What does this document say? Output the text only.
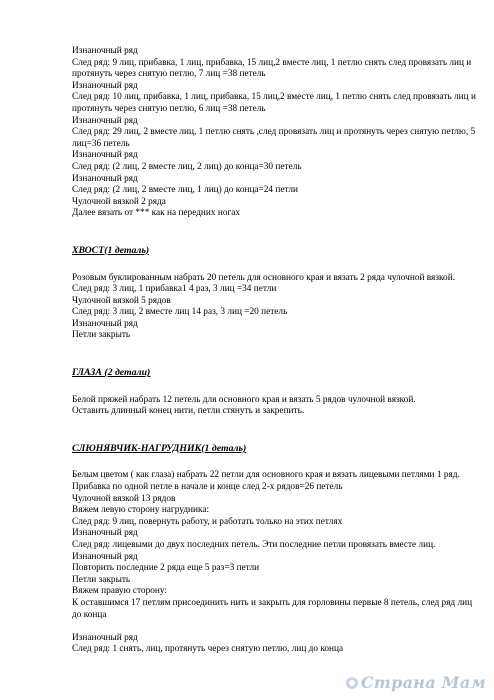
Изнаночный ряд

След ряд: 9 лиц, прибавка, 1 лиц, прибавка, 15 лиц,2 вместе лиц, 1 петлю снять след провязать лиц и протянуть через снятую петлю, 7 лиц =38 петель

Изнаночный ряд

След ряд: 10 лиц, прибавка, 1 лиц, прибавка, 15 лиц,2 вместе лиц, 1 петлю снять след провязать лиц и протянуть через снятую петлю, 6 лиц =38 петель

Изнаночный ряд

След ряд: 29 лиц, 2 вместе лиц, 1 петлю снять ,след провязать лиц и протянуть через снятую петлю, 5 лиц=36 петель

Изнаночный ряд

След ряд: (2 лиц, 2 вместе лиц, 2 лиц) до конца=30 петель

Изнаночный ряд

След ряд: (2 лиц, 2 вместе лиц, 1 лиц) до конца=24 петли

Чулочной вязкой 2 ряда

Далее вязать от *** как на передних ногах

ХВОСТ(1 деталь)

Розовым буклированным набрать 20 петель для основного края и вязать 2 ряда чулочной вязкой.

След ряд: 3 лиц, 1 прибавка1 4 раз, 3 лиц =34 петли

Чулочной вязкой 5 рядов

След ряд: 3 лиц, 2 вместе лиц 14 раз, 3 лиц =20 петель

Изнаночный ряд

Петли закрыть

ГЛАЗА (2 детали)

Белой пряжей набрать 12 петель для основного края и вязать 5 рядов чулочной вязкой.

Оставить длинный конец нити, петли стянуть и закрепить.

СЛЮНЯВЧИК-НАГРУДНИК(1 деталь)

Белым цветом ( как глаза) набрать 22 петли для основного края и вязать лицевыми петлями 1 ряд.

Прибавка по одной петле в начале и конце след 2-х рядов=26 петель

Чулочной вязкой 13 рядов

Вяжем левую сторону нагрудника:

След ряд: 9 лиц, повернуть работу, и работать только на этих петлях

Изнаночный ряд

След ряд: лицевыми до двух последних петель. Эти последние петли провязать вместе лиц.

Изнаночный ряд

Повторить последние 2 ряда еще 5 раз=3 петли

Петли закрыть

Вяжем правую сторону:

К оставшимся 17 петлям присоединить нить и закрыть для горловины первые 8 петель, след ряд лиц до конца

Изнаночный ряд

След ряд: 1 снять, лиц, протянуть через снятую петлю, лиц до конца

Страна Мам
